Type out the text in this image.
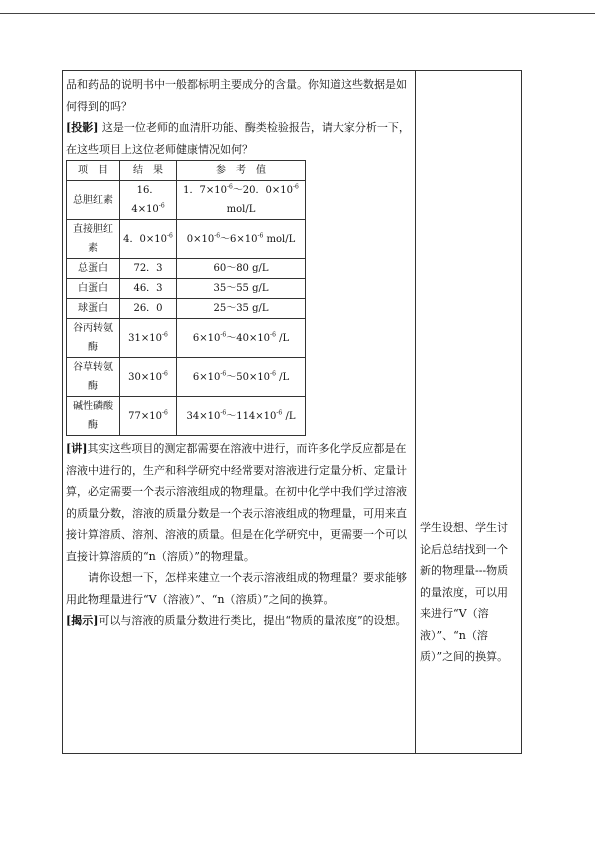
品和药品的说明书中一般都标明主要成分的含量。你知道这些数据是如何得到的吗？

[投影] 这是一位老师的血清肝功能、酶类检验报告，请大家分析一下，在这些项目上这位老师健康情况如何？

项　目	结　果	参　考　值
总胆红素	16．$4\times 10^{-6}$	1．$7\times 10^{-6}\sim 20$．$0\times 10^{-6}$ mol/L
直接胆红素	4．$0\times 10^{-6}$	$0\times 10^{-6}\sim 6\times 10^{-6}$ mol/L
总蛋白	72．3	60～80 g/L
白蛋白	46．3	35～55 g/L
球蛋白	26．0	25～35 g/L
谷丙转氨酶	$31\times 10^{-6}$	$6\times 10^{-6}\sim 40\times 10^{-6}$ /L
谷草转氨酶	$30\times 10^{-6}$	$6\times 10^{-6}\sim 50\times 10^{-6}$ /L
碱性磷酸酶	$77\times 10^{-6}$	$34\times 10^{-6}\sim 114\times 10^{-6}$ /L

[讲]其实这些项目的测定都需要在溶液中进行，而许多化学反应都是在溶液中进行的，生产和科学研究中经常要对溶液进行定量分析、定量计算，必定需要一个表示溶液组成的物理量。在初中化学中我们学过溶液的质量分数，溶液的质量分数是一个表示溶液组成的物理量，可用来直接计算溶质、溶剂、溶液的质量。但是在化学研究中，更需要一个可以直接计算溶质的“n（溶质）”的物理量。

请你设想一下，怎样来建立一个表示溶液组成的物理量？要求能够用此物理量进行“V（溶液）”、“n（溶质）”之间的换算。

[揭示]可以与溶液的质量分数进行类比，提出“物质的量浓度”的设想。

学生设想、学生讨论后总结找到一个新的物理量---物质的量浓度，可以用来进行“V（溶液）”、“n（溶质）”之间的换算。
